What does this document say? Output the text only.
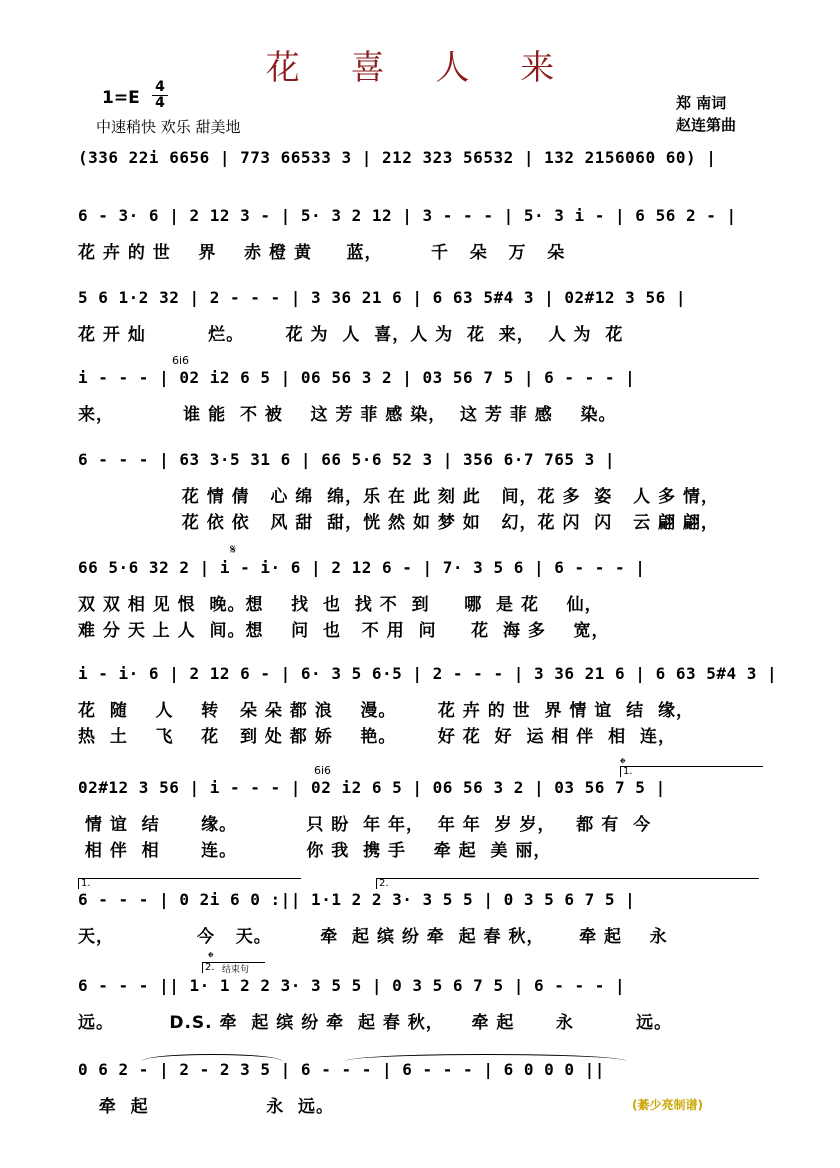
花 喜 人 来
1=E
4
4
中速稍快 欢乐 甜美地
郑 南词
赵连第曲
(336 22i 6656 | 773 66533 3 | 212 323 56532 | 132 2156060 60) |
6 - 3· 6 | 2 12 3 - | 5· 3 2 12 | 3 - - - | 5· 3 i - | 6 56 2 - |
花 卉 的 世    界    赤 橙 黄     蓝，       千   朵   万   朵
5 6 1·2 32 | 2 - - - | 3 36 21 6 | 6 63 5#4 3 | 02#12 3 56 |
花 开 灿         烂。      花 为  人  喜，人 为  花  来，  人 为  花
6i6
i - - - | 02 i2 6 5 | 06 56 3 2 | 03 56 7 5 | 6 - - - |
来，          谁 能  不 被    这 芳 菲 感 染，  这 芳 菲 感    染。
6 - - - | 63 3·5 31 6 | 66 5·6 52 3 | 356 6·7 765 3 |
花 情 倩   心 绵  绵，乐 在 此 刻 此   间，花 多  姿   人 多 情，
花 依 依   风 甜  甜，恍 然 如 梦 如   幻，花 闪  闪   云 翩 翩，
𝄋
66 5·6 32 2 | i - i· 6 | 2 12 6 - | 7· 3 5 6 | 6 - - - |
双 双 相 见 恨  晚。想    找  也  找 不  到     哪  是 花    仙，
难 分 天 上 人  间。想    问  也   不 用  问     花  海 多    宽，
i - i· 6 | 2 12 6 - | 6· 3 5 6·5 | 2 - - - | 3 36 21 6 | 6 63 5#4 3 |
花  随    人    转   朵 朵 都 浪    漫。      花 卉 的 世  界 情 谊  结  缘，
热  土    飞    花   到 处 都 娇    艳。      好 花  好  运 相 伴  相  连，
6i6	𝄌
1.
02#12 3 56 | i - - - | 02 i2 6 5 | 06 56 3 2 | 03 56 7 5 |
情 谊  结      缘。          只 盼  年 年，  年 年  岁 岁，   都 有  今
相 伴  相      连。          你 我  携 手    牵 起  美 丽，
1.	2.
6 - - - | 0 2i 6 0 :|| 1·1 2 2 3· 3 5 5 | 0 3 5 6 7 5 |
天，            今   天。       牵  起 缤 纷 牵  起 春 秋，     牵 起    永
𝄌
2. 结束句
6 - - - || 1· 1 2 2 3· 3 5 5 | 0 3 5 6 7 5 | 6 - - - |
远。        D.S. 牵  起 缤 纷 牵  起 春 秋，    牵 起      永         远。
0 6 2 - | 2 - 2 3 5 | 6 - - - | 6 - - - | 6 0 0 0 ||
牵  起                 永  远。	(綦少亮制谱)
